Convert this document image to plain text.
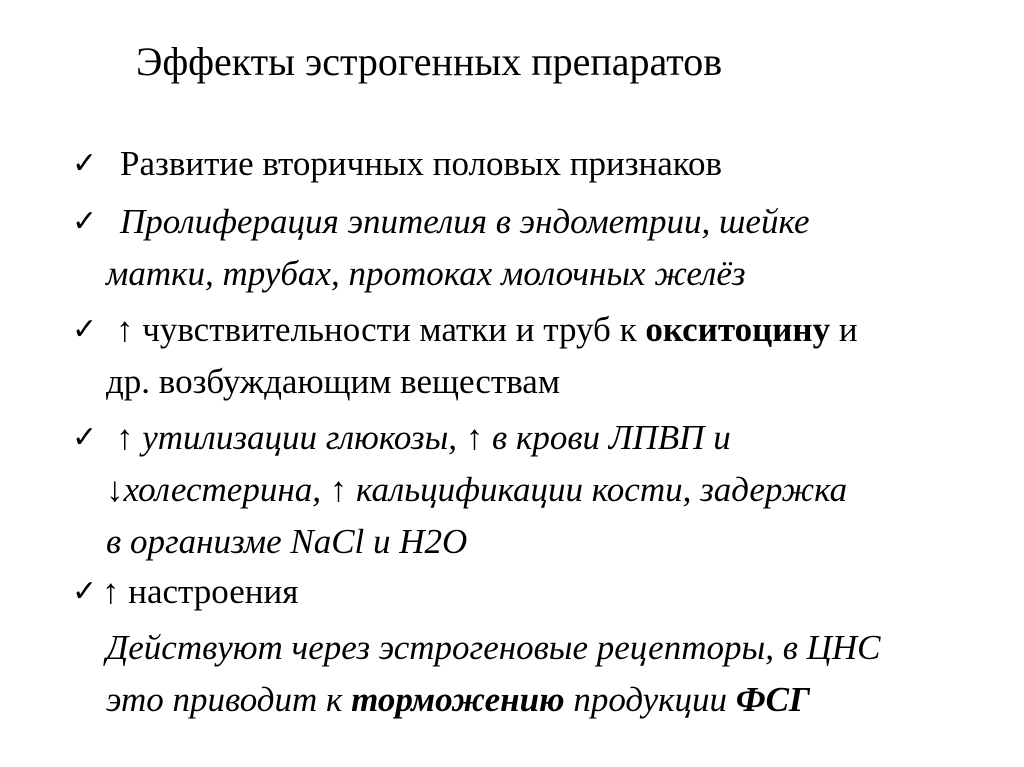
Эффекты эстрогенных препаратов
✓ Развитие вторичных половых признаков
✓ Пролиферация эпителия в эндометрии, шейке
матки, трубах, протоках молочных желёз
✓ ↑ чувствительности матки и труб к окситоцину и
др. возбуждающим веществам
✓ ↑ утилизации глюкозы, ↑ в крови ЛПВП и
↓холестерина, ↑ кальцификации кости, задержка
в организме NaCl и H2O
✓ ↑ настроения
Действуют через эстрогеновые рецепторы, в ЦНС
это приводит к торможению продукции ФСГ
